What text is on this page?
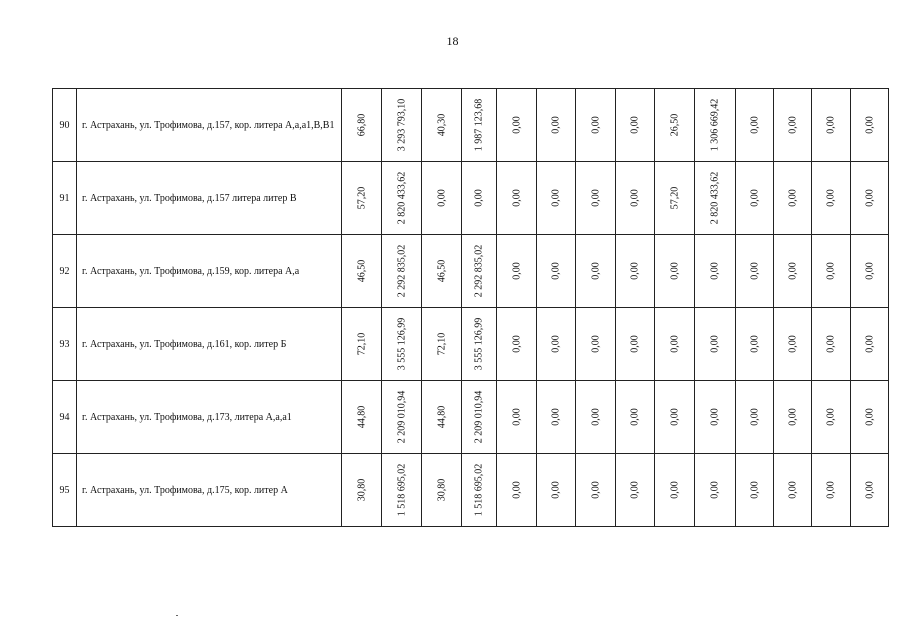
18
90	г. Астрахань, ул. Трофимова, д.157, кор. литера А,а,а1,В,В1	66,80	3 293 793,10	40,30	1 987 123,68	0,00	0,00	0,00	0,00	26,50	1 306 669,42	0,00	0,00	0,00	0,00

91	г. Астрахань, ул. Трофимова, д.157 литера литер В	57,20	2 820 433,62	0,00	0,00	0,00	0,00	0,00	0,00	57,20	2 820 433,62	0,00	0,00	0,00	0,00

92	г. Астрахань, ул. Трофимова, д.159, кор. литера А,а	46,50	2 292 835,02	46,50	2 292 835,02	0,00	0,00	0,00	0,00	0,00	0,00	0,00	0,00	0,00	0,00

93	г. Астрахань, ул. Трофимова, д.161, кор. литер Б	72,10	3 555 126,99	72,10	3 555 126,99	0,00	0,00	0,00	0,00	0,00	0,00	0,00	0,00	0,00	0,00

94	г. Астрахань, ул. Трофимова, д.173, литера А,а,а1	44,80	2 209 010,94	44,80	2 209 010,94	0,00	0,00	0,00	0,00	0,00	0,00	0,00	0,00	0,00	0,00

95	г. Астрахань, ул. Трофимова, д.175, кор. литер А	30,80	1 518 695,02	30,80	1 518 695,02	0,00	0,00	0,00	0,00	0,00	0,00	0,00	0,00	0,00	0,00
